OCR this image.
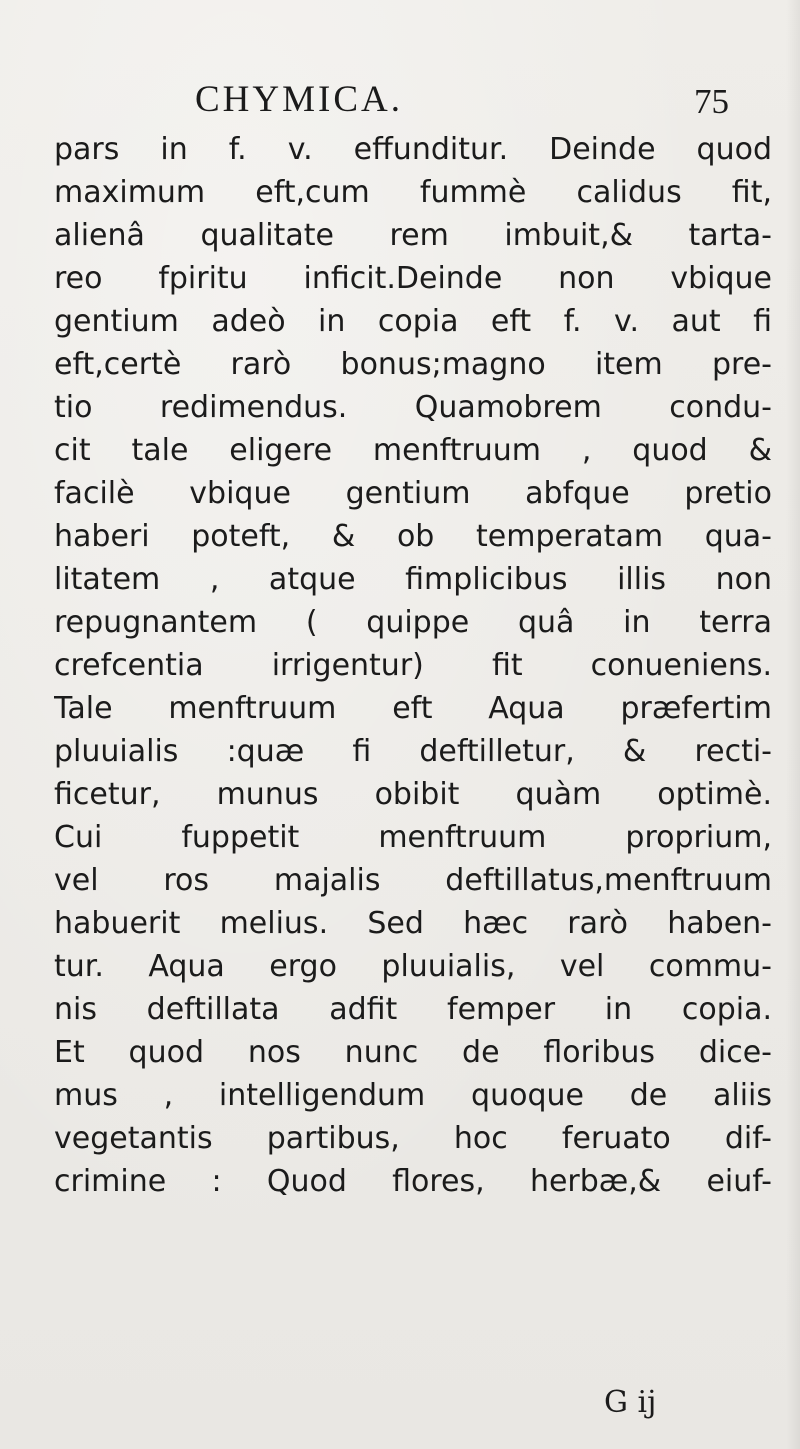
CHYMICA.	75
pars in f. v. effunditur. Deinde quod
maximum eft,cum fummè calidus fit,
alienâ qualitate rem imbuit,& tarta-
reo fpiritu inficit.Deinde non vbique
gentium adeò in copia eft f. v. aut fi
eft,certè rarò bonus;magno item pre-
tio redimendus. Quamobrem condu-
cit tale eligere menftruum , quod &
facilè vbique gentium abfque pretio
haberi poteft, & ob temperatam qua-
litatem , atque fimplicibus illis non
repugnantem ( quippe quâ in terra
crefcentia irrigentur) fit conueniens.
Tale menftruum eft Aqua præfertim
pluuialis :quæ fi deftilletur, & recti-
ficetur, munus obibit quàm optimè.
Cui fuppetit menftruum proprium,
vel ros majalis deftillatus,menftruum
habuerit melius. Sed hæc rarò haben-
tur. Aqua ergo pluuialis, vel commu-
nis deftillata adfit femper in copia.
Et quod nos nunc de floribus dice-
mus , intelligendum quoque de aliis
vegetantis partibus, hoc feruato dif-
crimine : Quod flores, herbæ,& eiuf-
G ij
